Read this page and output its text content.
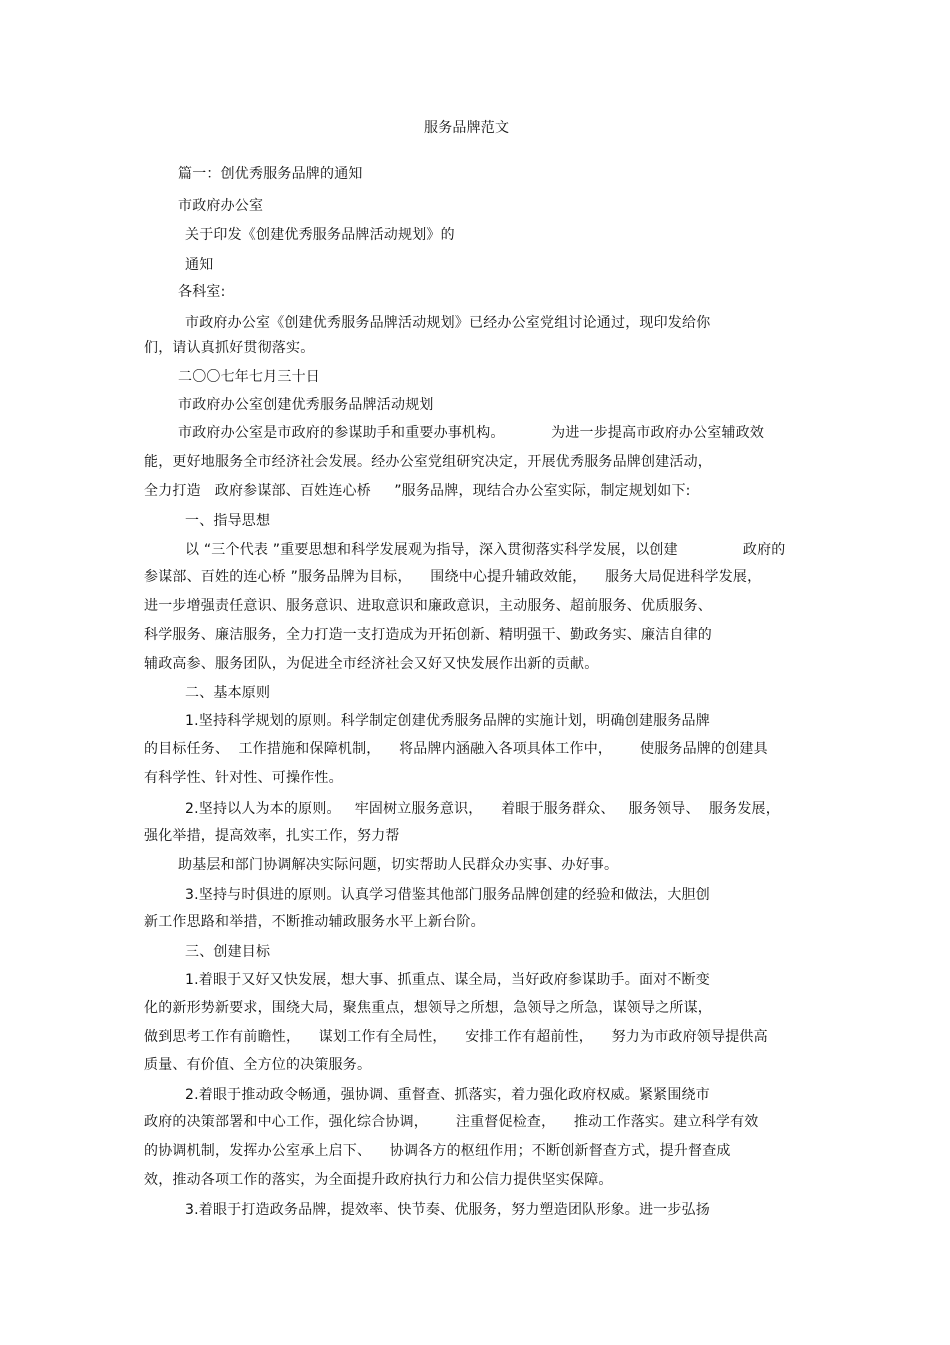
服务品牌范文
篇一：创优秀服务品牌的通知
市政府办公室
关于印发《创建优秀服务品牌活动规划》的
通知
各科室:
市政府办公室《创建优秀服务品牌活动规划》已经办公室党组讨论通过，现印发给你
们，请认真抓好贯彻落实。
二〇〇七年七月三十日
市政府办公室创建优秀服务品牌活动规划
市政府办公室是市政府的参谋助手和重要办事机构。          为进一步提高市政府办公室辅政效
能，更好地服务全市经济社会发展。经办公室党组研究决定，开展优秀服务品牌创建活动，
全力打造   政府参谋部、百姓连心桥     ”服务品牌，现结合办公室实际，制定规划如下:
一、指导思想
以 “三个代表 ”重要思想和科学发展观为指导，深入贯彻落实科学发展，以创建              政府的
参谋部、百姓的连心桥 ”服务品牌为目标，    围绕中心提升辅政效能，    服务大局促进科学发展，
进一步增强责任意识、服务意识、进取意识和廉政意识，主动服务、超前服务、优质服务、
科学服务、廉洁服务，全力打造一支打造成为开拓创新、精明强干、勤政务实、廉洁自律的
辅政高参、服务团队，为促进全市经济社会又好又快发展作出新的贡献。
二、基本原则
1.坚持科学规划的原则。科学制定创建优秀服务品牌的实施计划，明确创建服务品牌
的目标任务、  工作措施和保障机制，    将品牌内涵融入各项具体工作中，      使服务品牌的创建具
有科学性、针对性、可操作性。
2.坚持以人为本的原则。   牢固树立服务意识，    着眼于服务群众、   服务领导、  服务发展，
强化举措，提高效率，扎实工作，努力帮
助基层和部门协调解决实际问题，切实帮助人民群众办实事、办好事。
3.坚持与时俱进的原则。认真学习借鉴其他部门服务品牌创建的经验和做法，大胆创
新工作思路和举措，不断推动辅政服务水平上新台阶。
三、创建目标
1.着眼于又好又快发展，想大事、抓重点、谋全局，当好政府参谋助手。面对不断变
化的新形势新要求，围绕大局，聚焦重点，想领导之所想，急领导之所急，谋领导之所谋，
做到思考工作有前瞻性，    谋划工作有全局性，    安排工作有超前性，    努力为市政府领导提供高
质量、有价值、全方位的决策服务。
2.着眼于推动政令畅通，强协调、重督查、抓落实，着力强化政府权威。紧紧围绕市
政府的决策部署和中心工作，强化综合协调，      注重督促检查，    推动工作落实。建立科学有效
的协调机制，发挥办公室承上启下、    协调各方的枢纽作用；不断创新督查方式，提升督查成
效，推动各项工作的落实，为全面提升政府执行力和公信力提供坚实保障。
3.着眼于打造政务品牌，提效率、快节奏、优服务，努力塑造团队形象。进一步弘扬
